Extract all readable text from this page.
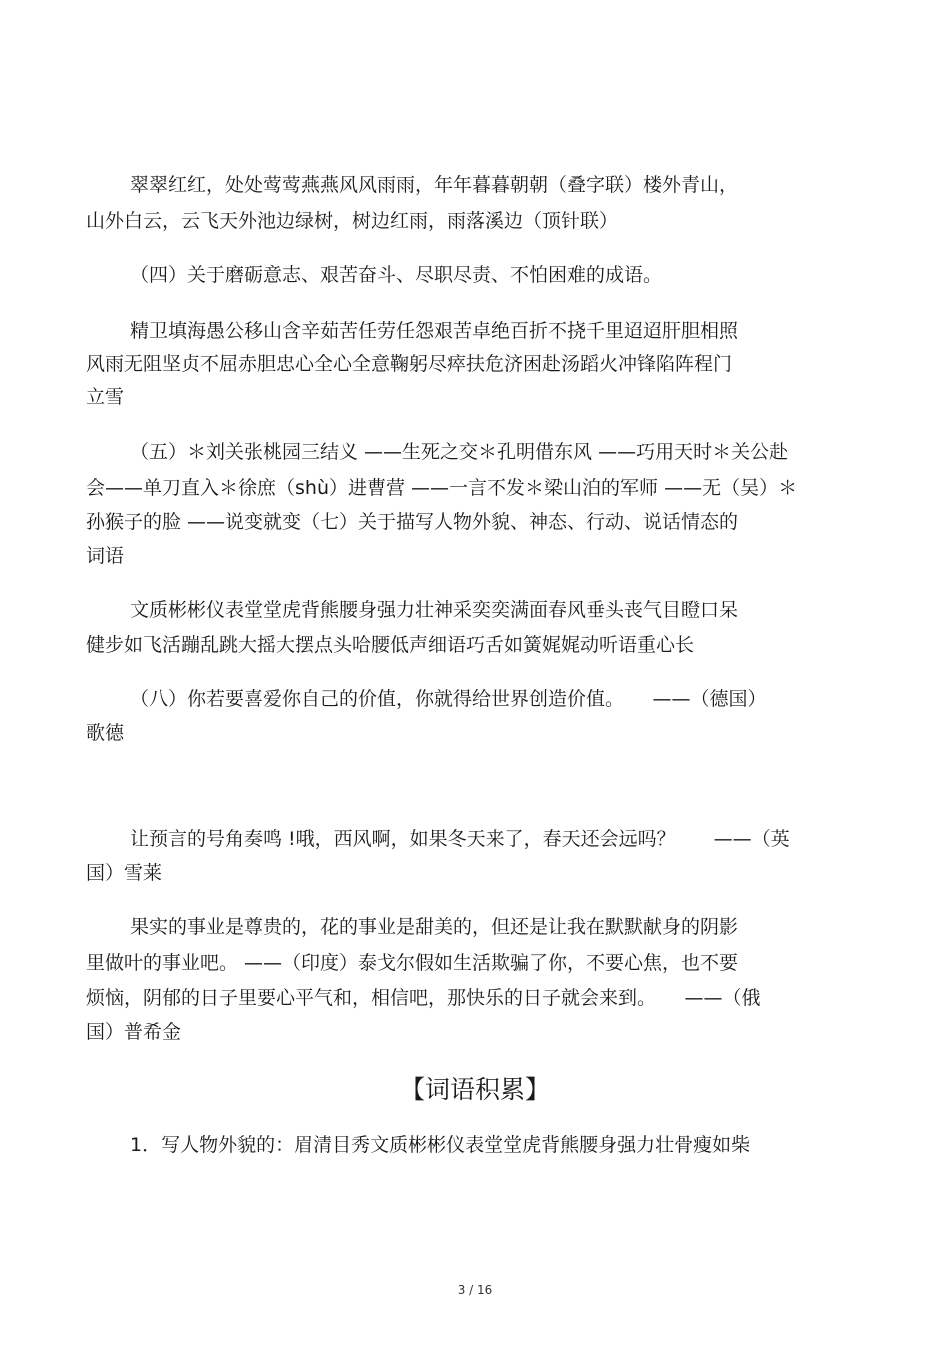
翠翠红红，处处莺莺燕燕风风雨雨，年年暮暮朝朝（叠字联）楼外青山，
山外白云，云飞天外池边绿树，树边红雨，雨落溪边（顶针联）
（四）关于磨砺意志、艰苦奋斗、尽职尽责、不怕困难的成语。
精卫填海愚公移山含辛茹苦任劳任怨艰苦卓绝百折不挠千里迢迢肝胆相照
风雨无阻坚贞不屈赤胆忠心全心全意鞠躬尽瘁扶危济困赴汤蹈火冲锋陷阵程门
立雪
（五）＊刘关张桃园三结义 ——生死之交＊孔明借东风 ——巧用天时＊关公赴
会——单刀直入＊徐庶（shù）进曹营 ——一言不发＊梁山泊的军师 ——无（吴）＊
孙猴子的脸 ——说变就变（七）关于描写人物外貌、神态、行动、说话情态的
词语
文质彬彬仪表堂堂虎背熊腰身强力壮神采奕奕满面春风垂头丧气目瞪口呆
健步如飞活蹦乱跳大摇大摆点头哈腰低声细语巧舌如簧娓娓动听语重心长
（八）你若要喜爱你自己的价值，你就得给世界创造价值。　　——（德国）
歌德
让预言的号角奏鸣 !哦，西风啊，如果冬天来了，春天还会远吗？　　——（英
国）雪莱
果实的事业是尊贵的，花的事业是甜美的，但还是让我在默默献身的阴影
里做叶的事业吧。 ——（印度）泰戈尔假如生活欺骗了你，不要心焦，也不要
烦恼，阴郁的日子里要心平气和，相信吧，那快乐的日子就会来到。　　——（俄
国）普希金
【词语积累】
1．写人物外貌的：眉清目秀文质彬彬仪表堂堂虎背熊腰身强力壮骨瘦如柴
3 / 16
